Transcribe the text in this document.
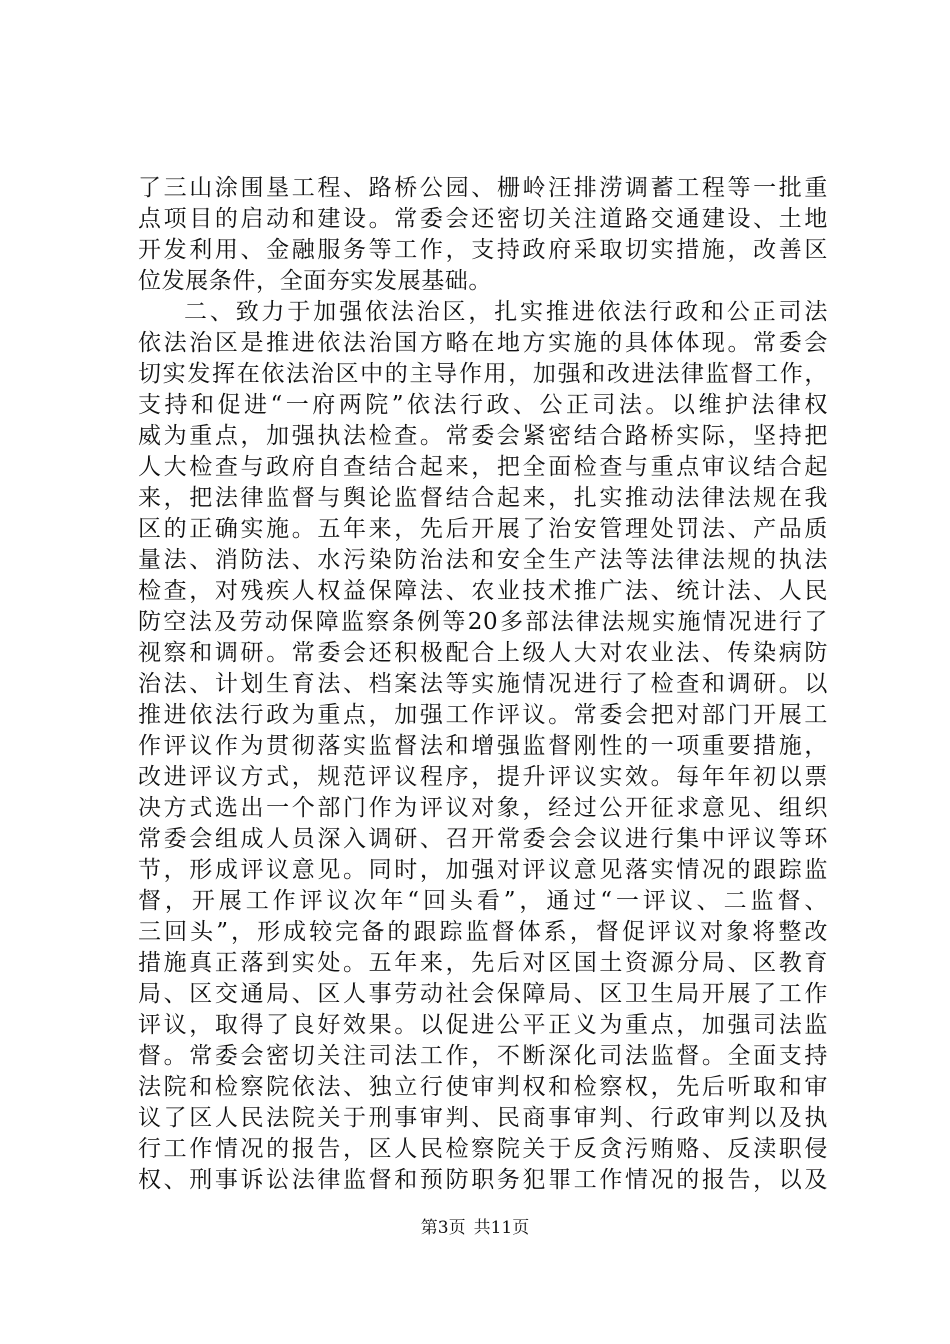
了三山涂围垦工程、路桥公园、栅岭汪排涝调蓄工程等一批重
点项目的启动和建设。常委会还密切关注道路交通建设、土地
开发利用、金融服务等工作，支持政府采取切实措施，改善区
位发展条件，全面夯实发展基础。
二、致力于加强依法治区，扎实推进依法行政和公正司法
依法治区是推进依法治国方略在地方实施的具体体现。常委会
切实发挥在依法治区中的主导作用，加强和改进法律监督工作，
支持和促进“一府两院”依法行政、公正司法。以维护法律权
威为重点，加强执法检查。常委会紧密结合路桥实际，坚持把
人大检查与政府自查结合起来，把全面检查与重点审议结合起
来，把法律监督与舆论监督结合起来，扎实推动法律法规在我
区的正确实施。五年来，先后开展了治安管理处罚法、产品质
量法、消防法、水污染防治法和安全生产法等法律法规的执法
检查，对残疾人权益保障法、农业技术推广法、统计法、人民
防空法及劳动保障监察条例等20多部法律法规实施情况进行了
视察和调研。常委会还积极配合上级人大对农业法、传染病防
治法、计划生育法、档案法等实施情况进行了检查和调研。以
推进依法行政为重点，加强工作评议。常委会把对部门开展工
作评议作为贯彻落实监督法和增强监督刚性的一项重要措施，
改进评议方式，规范评议程序，提升评议实效。每年年初以票
决方式选出一个部门作为评议对象，经过公开征求意见、组织
常委会组成人员深入调研、召开常委会会议进行集中评议等环
节，形成评议意见。同时，加强对评议意见落实情况的跟踪监
督，开展工作评议次年“回头看”，通过“一评议、二监督、
三回头”，形成较完备的跟踪监督体系，督促评议对象将整改
措施真正落到实处。五年来，先后对区国土资源分局、区教育
局、区交通局、区人事劳动社会保障局、区卫生局开展了工作
评议，取得了良好效果。以促进公平正义为重点，加强司法监
督。常委会密切关注司法工作，不断深化司法监督。全面支持
法院和检察院依法、独立行使审判权和检察权，先后听取和审
议了区人民法院关于刑事审判、民商事审判、行政审判以及执
行工作情况的报告，区人民检察院关于反贪污贿赂、反渎职侵
权、刑事诉讼法律监督和预防职务犯罪工作情况的报告，以及
第3页 共11页
